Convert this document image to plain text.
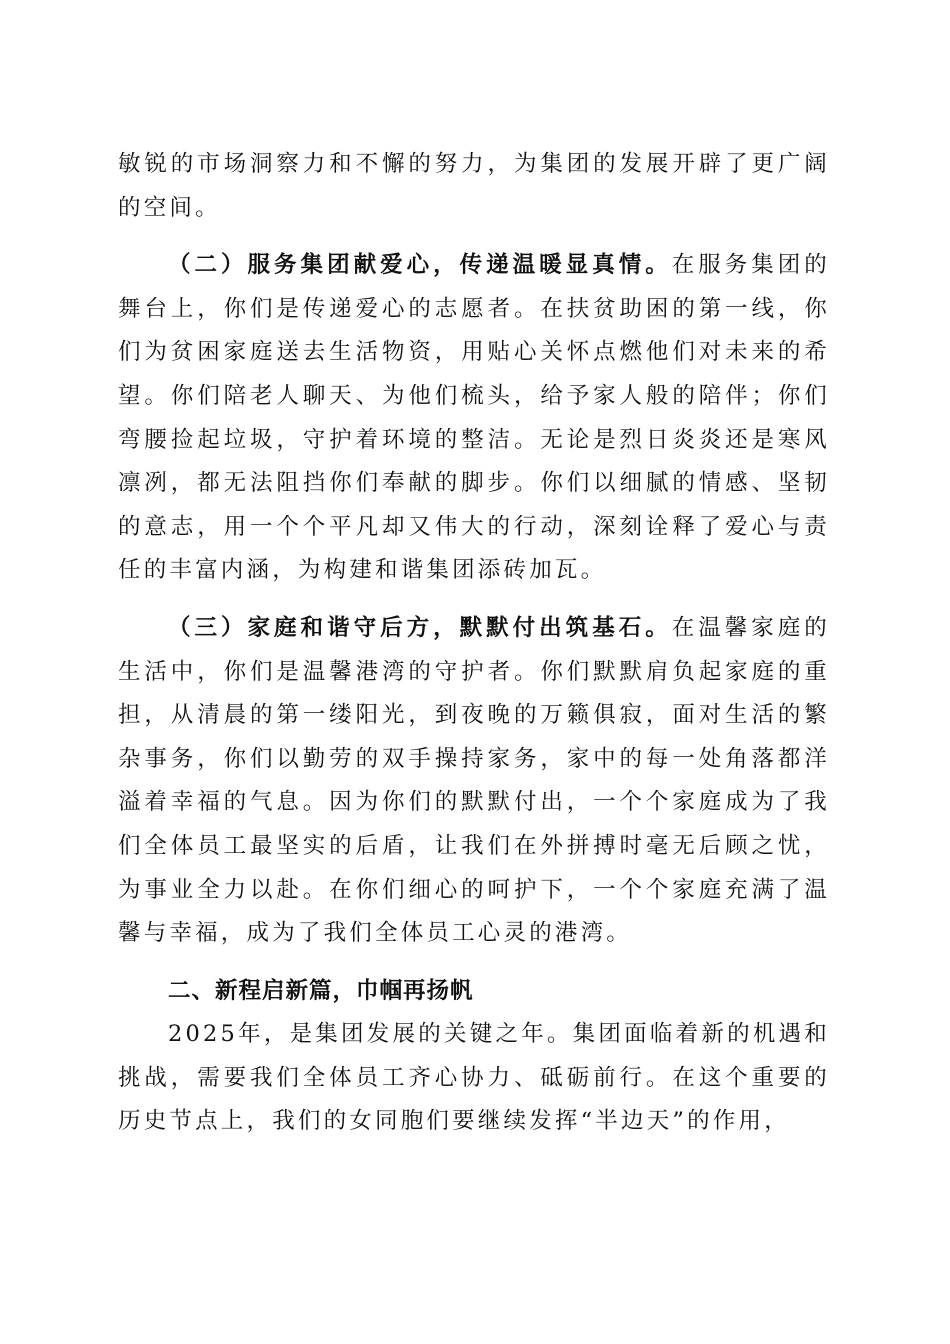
敏锐的市场洞察力和不懈的努力，为集团的发展开辟了更广阔的空间。

（二）服务集团献爱心，传递温暖显真情。在服务集团的舞台上，你们是传递爱心的志愿者。在扶贫助困的第一线，你们为贫困家庭送去生活物资，用贴心关怀点燃他们对未来的希望。你们陪老人聊天、为他们梳头，给予家人般的陪伴；你们弯腰捡起垃圾，守护着环境的整洁。无论是烈日炎炎还是寒风凛冽，都无法阻挡你们奉献的脚步。你们以细腻的情感、坚韧的意志，用一个个平凡却又伟大的行动，深刻诠释了爱心与责任的丰富内涵，为构建和谐集团添砖加瓦。

（三）家庭和谐守后方，默默付出筑基石。在温馨家庭的生活中，你们是温馨港湾的守护者。你们默默肩负起家庭的重担，从清晨的第一缕阳光，到夜晚的万籁俱寂，面对生活的繁杂事务，你们以勤劳的双手操持家务，家中的每一处角落都洋溢着幸福的气息。因为你们的默默付出，一个个家庭成为了我们全体员工最坚实的后盾，让我们在外拼搏时毫无后顾之忧，为事业全力以赴。在你们细心的呵护下，一个个家庭充满了温馨与幸福，成为了我们全体员工心灵的港湾。

二、新程启新篇，巾帼再扬帆

2025年，是集团发展的关键之年。集团面临着新的机遇和挑战，需要我们全体员工齐心协力、砥砺前行。在这个重要的历史节点上，我们的女同胞们要继续发挥“半边天”的作用，
